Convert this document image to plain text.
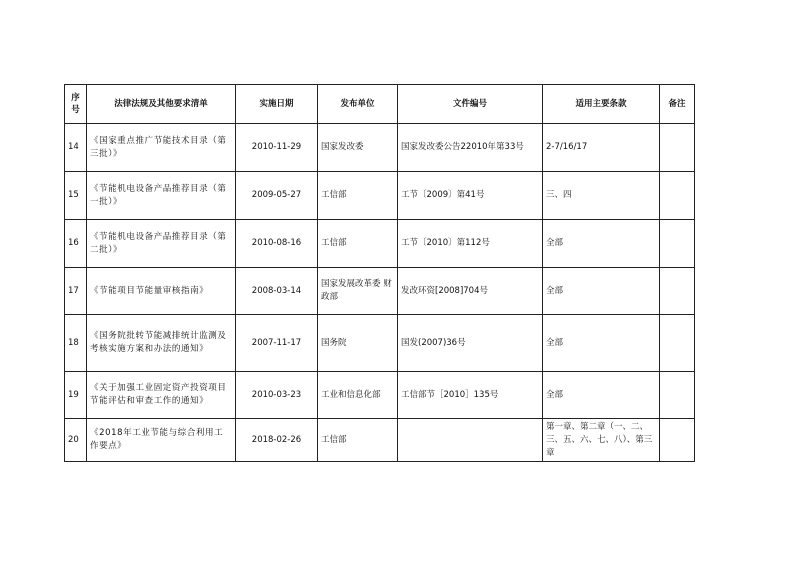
序
号	法律法规及其他要求清单	实施日期	发布单位	文件编号	适用主要条款	备注
14	《国家重点推广节能技术目录（第三批）》	2010-11-29	国家发改委	国家发改委公告22010年第33号	2-7/16/17	
15	《节能机电设备产品推荐目录（第一批）》	2009-05-27	工信部	工节〔2009〕第41号	三、四	
16	《节能机电设备产品推荐目录（第二批）》	2010-08-16	工信部	工节〔2010〕第112号	全部	
17	《节能项目节能量审核指南》	2008-03-14	国家发展改革委 财政部	发改环资[2008]704号	全部	
18	《国务院批转节能减排统计监测及考核实施方案和办法的通知》	2007-11-17	国务院	国发(2007)36号	全部	
19	《关于加强工业固定资产投资项目节能评估和审查工作的通知》	2010-03-23	工业和信息化部	工信部节［2010］135号	全部	
20	《2018年工业节能与综合利用工作要点》	2018-02-26	工信部		第一章、第二章（一、二、三、五、六、七、八）、第三章	
